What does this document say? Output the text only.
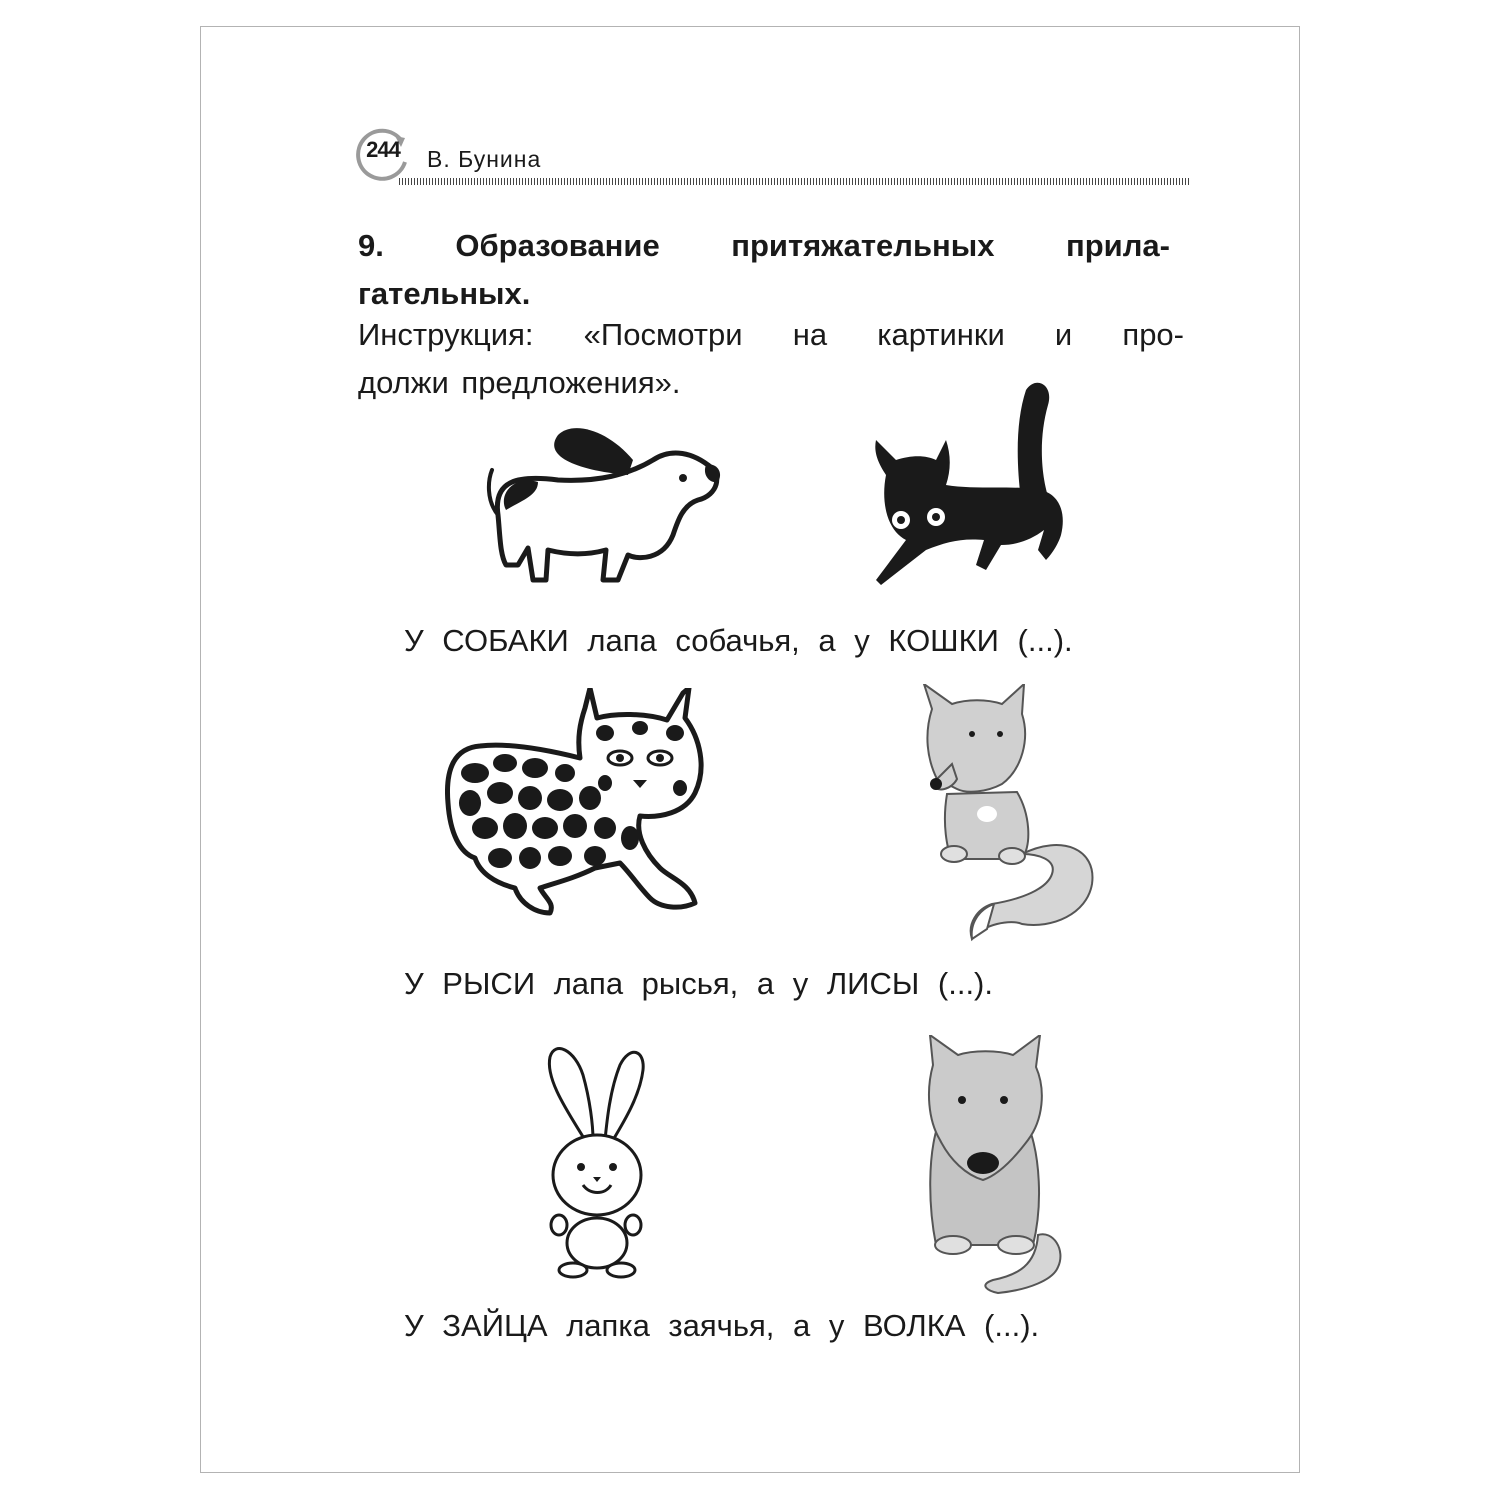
244	В. Бунина
9. Образование притяжательных прила-
гательных.
Инструкция: «Посмотри на картинки и про-
должи предложения».
У СОБАКИ лапа собачья, а у КОШКИ (...).
У РЫСИ лапа рысья, а у ЛИСЫ (...).
У ЗАЙЦА лапка заячья, а у ВОЛКА (...).
